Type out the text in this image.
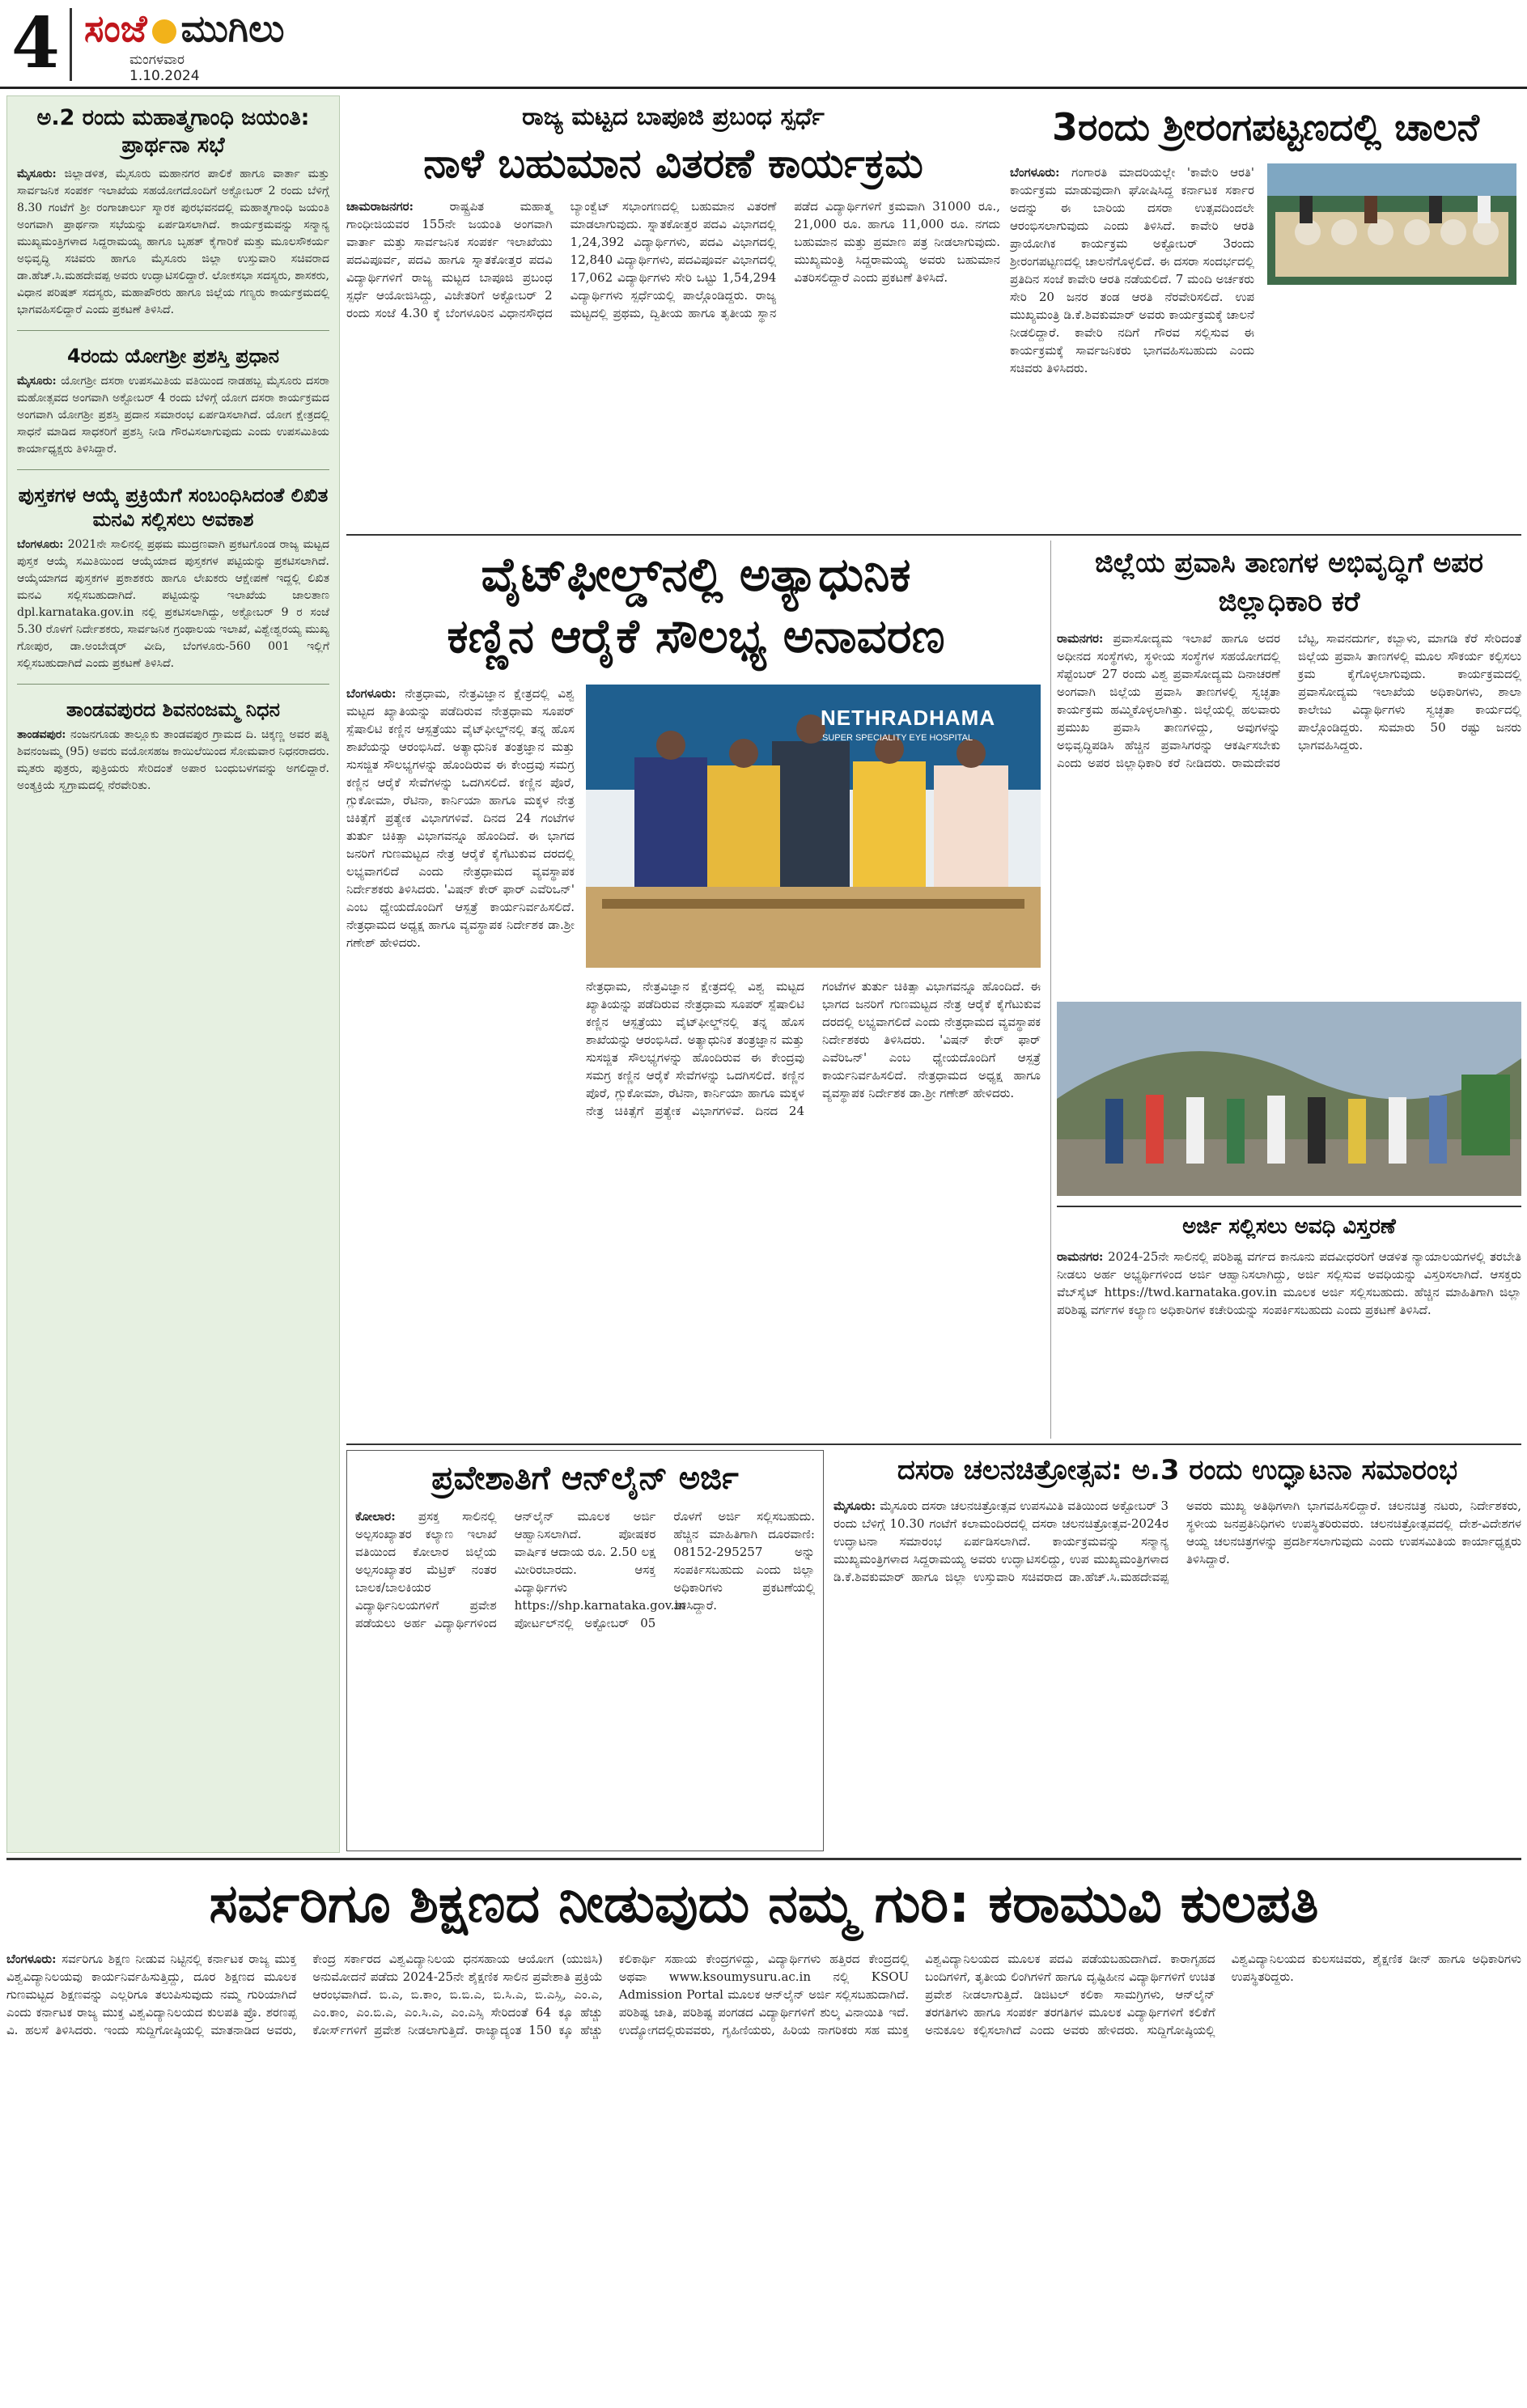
4 ಸಂಜೆ ಮುಗಿಲು
ಮಂಗಳವಾರ
1.10.2024
ಅ.2 ರಂದು ಮಹಾತ್ಮಗಾಂಧಿ ಜಯಂತಿ: ಪ್ರಾರ್ಥನಾ ಸಭೆ

ಮೈಸೂರು: ಜಿಲ್ಲಾಡಳಿತ, ಮೈಸೂರು ಮಹಾನಗರ ಪಾಲಿಕೆ ಹಾಗೂ ವಾರ್ತಾ ಮತ್ತು ಸಾರ್ವಜನಿಕ ಸಂಪರ್ಕ ಇಲಾಖೆಯ ಸಹಯೋಗದೊಂದಿಗೆ ಅಕ್ಟೋಬರ್ 2 ರಂದು ಬೆಳಿಗ್ಗೆ 8.30 ಗಂಟೆಗೆ ಶ್ರೀ ರಂಗಾಚಾರ್ಲು ಸ್ಮಾರಕ ಪುರಭವನದಲ್ಲಿ ಮಹಾತ್ಮಗಾಂಧಿ ಜಯಂತಿ ಅಂಗವಾಗಿ ಪ್ರಾರ್ಥನಾ ಸಭೆಯನ್ನು ಏರ್ಪಡಿಸಲಾಗಿದೆ. ಕಾರ್ಯಕ್ರಮವನ್ನು ಸನ್ಮಾನ್ಯ ಮುಖ್ಯಮಂತ್ರಿಗಳಾದ ಸಿದ್ದರಾಮಯ್ಯ ಹಾಗೂ ಬೃಹತ್ ಕೈಗಾರಿಕೆ ಮತ್ತು ಮೂಲಸೌಕರ್ಯ ಅಭಿವೃದ್ಧಿ ಸಚಿವರು ಹಾಗೂ ಮೈಸೂರು ಜಿಲ್ಲಾ ಉಸ್ತುವಾರಿ ಸಚಿವರಾದ ಡಾ.ಹೆಚ್.ಸಿ.ಮಹದೇವಪ್ಪ ಅವರು ಉದ್ಘಾಟಿಸಲಿದ್ದಾರೆ. ಲೋಕಸಭಾ ಸದಸ್ಯರು, ಶಾಸಕರು, ವಿಧಾನ ಪರಿಷತ್ ಸದಸ್ಯರು, ಮಹಾಪೌರರು ಹಾಗೂ ಜಿಲ್ಲೆಯ ಗಣ್ಯರು ಕಾರ್ಯಕ್ರಮದಲ್ಲಿ ಭಾಗವಹಿಸಲಿದ್ದಾರೆ ಎಂದು ಪ್ರಕಟಣೆ ತಿಳಿಸಿದೆ.

4ರಂದು ಯೋಗಶ್ರೀ ಪ್ರಶಸ್ತಿ ಪ್ರಧಾನ

ಮೈಸೂರು: ಯೋಗಶ್ರೀ ದಸರಾ ಉಪಸಮಿತಿಯ ವತಿಯಿಂದ ನಾಡಹಬ್ಬ ಮೈಸೂರು ದಸರಾ ಮಹೋತ್ಸವದ ಅಂಗವಾಗಿ ಅಕ್ಟೋಬರ್ 4 ರಂದು ಬೆಳಿಗ್ಗೆ ಯೋಗ ದಸರಾ ಕಾರ್ಯಕ್ರಮದ ಅಂಗವಾಗಿ ಯೋಗಶ್ರೀ ಪ್ರಶಸ್ತಿ ಪ್ರದಾನ ಸಮಾರಂಭ ಏರ್ಪಡಿಸಲಾಗಿದೆ. ಯೋಗ ಕ್ಷೇತ್ರದಲ್ಲಿ ಸಾಧನೆ ಮಾಡಿದ ಸಾಧಕರಿಗೆ ಪ್ರಶಸ್ತಿ ನೀಡಿ ಗೌರವಿಸಲಾಗುವುದು ಎಂದು ಉಪಸಮಿತಿಯ ಕಾರ್ಯಾಧ್ಯಕ್ಷರು ತಿಳಿಸಿದ್ದಾರೆ.

ಪುಸ್ತಕಗಳ ಆಯ್ಕೆ ಪ್ರಕ್ರಿಯೆಗೆ ಸಂಬಂಧಿಸಿದಂತೆ ಲಿಖಿತ ಮನವಿ ಸಲ್ಲಿಸಲು ಅವಕಾಶ

ಬೆಂಗಳೂರು: 2021ನೇ ಸಾಲಿನಲ್ಲಿ ಪ್ರಥಮ ಮುದ್ರಣವಾಗಿ ಪ್ರಕಟಗೊಂಡ ರಾಜ್ಯ ಮಟ್ಟದ ಪುಸ್ತಕ ಆಯ್ಕೆ ಸಮಿತಿಯಿಂದ ಆಯ್ಕೆಯಾದ ಪುಸ್ತಕಗಳ ಪಟ್ಟಿಯನ್ನು ಪ್ರಕಟಿಸಲಾಗಿದೆ. ಆಯ್ಕೆಯಾಗದ ಪುಸ್ತಕಗಳ ಪ್ರಕಾಶಕರು ಹಾಗೂ ಲೇಖಕರು ಆಕ್ಷೇಪಣೆ ಇದ್ದಲ್ಲಿ ಲಿಖಿತ ಮನವಿ ಸಲ್ಲಿಸಬಹುದಾಗಿದೆ. ಪಟ್ಟಿಯನ್ನು ಇಲಾಖೆಯ ಜಾಲತಾಣ dpl.karnataka.gov.in ನಲ್ಲಿ ಪ್ರಕಟಿಸಲಾಗಿದ್ದು, ಅಕ್ಟೋಬರ್ 9 ರ ಸಂಜೆ 5.30 ರೊಳಗೆ ನಿರ್ದೇಶಕರು, ಸಾರ್ವಜನಿಕ ಗ್ರಂಥಾಲಯ ಇಲಾಖೆ, ವಿಶ್ವೇಶ್ವರಯ್ಯ ಮುಖ್ಯ ಗೋಪುರ, ಡಾ.ಅಂಬೇಡ್ಕರ್ ವೀದಿ, ಬೆಂಗಳೂರು-560 001 ಇಲ್ಲಿಗೆ ಸಲ್ಲಿಸಬಹುದಾಗಿದೆ ಎಂದು ಪ್ರಕಟಣೆ ತಿಳಿಸಿದೆ.

ತಾಂಡವಪುರದ ಶಿವನಂಜಮ್ಮ ನಿಧನ

ತಾಂಡವಪುರ: ನಂಜನಗೂಡು ತಾಲ್ಲೂಕು ತಾಂಡವಪುರ ಗ್ರಾಮದ ದಿ. ಚಿಕ್ಕಣ್ಣ ಅವರ ಪತ್ನಿ ಶಿವನಂಜಮ್ಮ (95) ಅವರು ವಯೋಸಹಜ ಕಾಯಿಲೆಯಿಂದ ಸೋಮವಾರ ನಿಧನರಾದರು. ಮೃತರು ಪುತ್ರರು, ಪುತ್ರಿಯರು ಸೇರಿದಂತೆ ಅಪಾರ ಬಂಧುಬಳಗವನ್ನು ಅಗಲಿದ್ದಾರೆ. ಅಂತ್ಯಕ್ರಿಯೆ ಸ್ವಗ್ರಾಮದಲ್ಲಿ ನೆರವೇರಿತು.

ರಾಜ್ಯ ಮಟ್ಟದ ಬಾಪೂಜಿ ಪ್ರಬಂಧ ಸ್ಪರ್ಧೆ
ನಾಳೆ ಬಹುಮಾನ ವಿತರಣೆ ಕಾರ್ಯಕ್ರಮ
ಚಾಮರಾಜನಗರ:	ರಾಷ್ಟ್ರಪಿತ ಮಹಾತ್ಮ ಗಾಂಧೀಜಿಯವರ 155ನೇ ಜಯಂತಿ ಅಂಗವಾಗಿ ವಾರ್ತಾ ಮತ್ತು ಸಾರ್ವಜನಿಕ ಸಂಪರ್ಕ ಇಲಾಖೆಯು ಪದವಿಪೂರ್ವ, ಪದವಿ ಹಾಗೂ ಸ್ನಾತಕೋತ್ತರ ಪದವಿ ವಿದ್ಯಾರ್ಥಿಗಳಿಗೆ ರಾಜ್ಯ ಮಟ್ಟದ ಬಾಪೂಜಿ ಪ್ರಬಂಧ ಸ್ಪರ್ಧೆ ಆಯೋಜಿಸಿದ್ದು, ವಿಜೇತರಿಗೆ ಅಕ್ಟೋಬರ್ 2 ರಂದು ಸಂಜೆ 4.30 ಕ್ಕೆ ಬೆಂಗಳೂರಿನ ವಿಧಾನಸೌಧದ ಬ್ಯಾಂಕ್ವೆಟ್ ಸಭಾಂಗಣದಲ್ಲಿ ಬಹುಮಾನ ವಿತರಣೆ ಮಾಡಲಾಗುವುದು. ಸ್ನಾತಕೋತ್ತರ ಪದವಿ ವಿಭಾಗದಲ್ಲಿ 1,24,392 ವಿದ್ಯಾರ್ಥಿಗಳು, ಪದವಿ ವಿಭಾಗದಲ್ಲಿ 12,840 ವಿದ್ಯಾರ್ಥಿಗಳು, ಪದವಿಪೂರ್ವ ವಿಭಾಗದಲ್ಲಿ 17,062 ವಿದ್ಯಾರ್ಥಿಗಳು ಸೇರಿ ಒಟ್ಟು 1,54,294 ವಿದ್ಯಾರ್ಥಿಗಳು ಸ್ಪರ್ಧೆಯಲ್ಲಿ ಪಾಲ್ಗೊಂಡಿದ್ದರು. ರಾಜ್ಯ ಮಟ್ಟದಲ್ಲಿ ಪ್ರಥಮ, ದ್ವಿತೀಯ ಹಾಗೂ ತೃತೀಯ ಸ್ಥಾನ ಪಡೆದ ವಿದ್ಯಾರ್ಥಿಗಳಿಗೆ ಕ್ರಮವಾಗಿ 31000 ರೂ., 21,000 ರೂ. ಹಾಗೂ 11,000 ರೂ. ನಗದು ಬಹುಮಾನ ಮತ್ತು ಪ್ರಮಾಣ ಪತ್ರ ನೀಡಲಾಗುವುದು. ಮುಖ್ಯಮಂತ್ರಿ ಸಿದ್ದರಾಮಯ್ಯ ಅವರು ಬಹುಮಾನ ವಿತರಿಸಲಿದ್ದಾರೆ ಎಂದು ಪ್ರಕಟಣೆ ತಿಳಿಸಿದೆ.
3ರಂದು ಶ್ರೀರಂಗಪಟ್ಟಣದಲ್ಲಿ ಚಾಲನೆ
ಬೆಂಗಳೂರು: ಗಂಗಾರತಿ ಮಾದರಿಯಲ್ಲೇ 'ಕಾವೇರಿ ಆರತಿ' ಕಾರ್ಯಕ್ರಮ ಮಾಡುವುದಾಗಿ ಘೋಷಿಸಿದ್ದ ಕರ್ನಾಟಕ ಸರ್ಕಾರ ಅದನ್ನು ಈ ಬಾರಿಯ ದಸರಾ ಉತ್ಸವದಿಂದಲೇ ಆರಂಭಿಸಲಾಗುವುದು ಎಂದು ತಿಳಿಸಿದೆ. ಕಾವೇರಿ ಆರತಿ ಪ್ರಾಯೋಗಿಕ ಕಾರ್ಯಕ್ರಮ ಅಕ್ಟೋಬರ್ 3ರಂದು ಶ್ರೀರಂಗಪಟ್ಟಣದಲ್ಲಿ ಚಾಲನೆಗೊಳ್ಳಲಿದೆ. ಈ ದಸರಾ ಸಂದರ್ಭದಲ್ಲಿ ಪ್ರತಿದಿನ ಸಂಜೆ ಕಾವೇರಿ ಆರತಿ ನಡೆಯಲಿದೆ. 7 ಮಂದಿ ಅರ್ಚಕರು ಸೇರಿ 20 ಜನರ ತಂಡ ಆರತಿ ನೆರವೇರಿಸಲಿದೆ. ಉಪ ಮುಖ್ಯಮಂತ್ರಿ ಡಿ.ಕೆ.ಶಿವಕುಮಾರ್ ಅವರು ಕಾರ್ಯಕ್ರಮಕ್ಕೆ ಚಾಲನೆ ನೀಡಲಿದ್ದಾರೆ. ಕಾವೇರಿ ನದಿಗೆ ಗೌರವ ಸಲ್ಲಿಸುವ ಈ ಕಾರ್ಯಕ್ರಮಕ್ಕೆ ಸಾರ್ವಜನಿಕರು ಭಾಗವಹಿಸಬಹುದು ಎಂದು ಸಚಿವರು ತಿಳಿಸಿದರು.
ವೈಟ್‌ಫೀಲ್ಡ್‌ನಲ್ಲಿ ಅತ್ಯಾಧುನಿಕ
ಕಣ್ಣಿನ ಆರೈಕೆ ಸೌಲಭ್ಯ ಅನಾವರಣ
ಬೆಂಗಳೂರು: ನೇತ್ರಧಾಮ, ನೇತ್ರವಿಜ್ಞಾನ ಕ್ಷೇತ್ರದಲ್ಲಿ ವಿಶ್ವ ಮಟ್ಟದ ಖ್ಯಾತಿಯನ್ನು ಪಡೆದಿರುವ ನೇತ್ರಧಾಮ ಸೂಪರ್ ಸ್ಪೆಷಾಲಿಟಿ ಕಣ್ಣಿನ ಆಸ್ಪತ್ರೆಯು ವೈಟ್‌ಫೀಲ್ಡ್‌ನಲ್ಲಿ ತನ್ನ ಹೊಸ ಶಾಖೆಯನ್ನು ಆರಂಭಿಸಿದೆ. ಅತ್ಯಾಧುನಿಕ ತಂತ್ರಜ್ಞಾನ ಮತ್ತು ಸುಸಜ್ಜಿತ ಸೌಲಭ್ಯಗಳನ್ನು ಹೊಂದಿರುವ ಈ ಕೇಂದ್ರವು ಸಮಗ್ರ ಕಣ್ಣಿನ ಆರೈಕೆ ಸೇವೆಗಳನ್ನು ಒದಗಿಸಲಿದೆ. ಕಣ್ಣಿನ ಪೊರೆ, ಗ್ಲುಕೋಮಾ, ರೆಟಿನಾ, ಕಾರ್ನಿಯಾ ಹಾಗೂ ಮಕ್ಕಳ ನೇತ್ರ ಚಿಕಿತ್ಸೆಗೆ ಪ್ರತ್ಯೇಕ ವಿಭಾಗಗಳಿವೆ. ದಿನದ 24 ಗಂಟೆಗಳ ತುರ್ತು ಚಿಕಿತ್ಸಾ ವಿಭಾಗವನ್ನೂ ಹೊಂದಿದೆ. ಈ ಭಾಗದ ಜನರಿಗೆ ಗುಣಮಟ್ಟದ ನೇತ್ರ ಆರೈಕೆ ಕೈಗೆಟುಕುವ ದರದಲ್ಲಿ ಲಭ್ಯವಾಗಲಿದೆ ಎಂದು ನೇತ್ರಧಾಮದ ವ್ಯವಸ್ಥಾಪಕ ನಿರ್ದೇಶಕರು ತಿಳಿಸಿದರು. 'ವಿಷನ್ ಕೇರ್ ಫಾರ್ ಎವೆರಿಒನ್' ಎಂಬ ಧ್ಯೇಯದೊಂದಿಗೆ ಆಸ್ಪತ್ರೆ ಕಾರ್ಯನಿರ್ವಹಿಸಲಿದೆ. ನೇತ್ರಧಾಮದ ಅಧ್ಯಕ್ಷ ಹಾಗೂ ವ್ಯವಸ್ಥಾಪಕ ನಿರ್ದೇಶಕ ಡಾ.ಶ್ರೀ ಗಣೇಶ್ ಹೇಳಿದರು.
NETHRADHAMA
SUPER SPECIALITY EYE HOSPITAL
ನೇತ್ರಧಾಮ, ನೇತ್ರವಿಜ್ಞಾನ ಕ್ಷೇತ್ರದಲ್ಲಿ ವಿಶ್ವ ಮಟ್ಟದ ಖ್ಯಾತಿಯನ್ನು ಪಡೆದಿರುವ ನೇತ್ರಧಾಮ ಸೂಪರ್ ಸ್ಪೆಷಾಲಿಟಿ ಕಣ್ಣಿನ ಆಸ್ಪತ್ರೆಯು ವೈಟ್‌ಫೀಲ್ಡ್‌ನಲ್ಲಿ ತನ್ನ ಹೊಸ ಶಾಖೆಯನ್ನು ಆರಂಭಿಸಿದೆ. ಅತ್ಯಾಧುನಿಕ ತಂತ್ರಜ್ಞಾನ ಮತ್ತು ಸುಸಜ್ಜಿತ ಸೌಲಭ್ಯಗಳನ್ನು ಹೊಂದಿರುವ ಈ ಕೇಂದ್ರವು ಸಮಗ್ರ ಕಣ್ಣಿನ ಆರೈಕೆ ಸೇವೆಗಳನ್ನು ಒದಗಿಸಲಿದೆ. ಕಣ್ಣಿನ ಪೊರೆ, ಗ್ಲುಕೋಮಾ, ರೆಟಿನಾ, ಕಾರ್ನಿಯಾ ಹಾಗೂ ಮಕ್ಕಳ ನೇತ್ರ ಚಿಕಿತ್ಸೆಗೆ ಪ್ರತ್ಯೇಕ ವಿಭಾಗಗಳಿವೆ. ದಿನದ 24 ಗಂಟೆಗಳ ತುರ್ತು ಚಿಕಿತ್ಸಾ ವಿಭಾಗವನ್ನೂ ಹೊಂದಿದೆ. ಈ ಭಾಗದ ಜನರಿಗೆ ಗುಣಮಟ್ಟದ ನೇತ್ರ ಆರೈಕೆ ಕೈಗೆಟುಕುವ ದರದಲ್ಲಿ ಲಭ್ಯವಾಗಲಿದೆ ಎಂದು ನೇತ್ರಧಾಮದ ವ್ಯವಸ್ಥಾಪಕ ನಿರ್ದೇಶಕರು ತಿಳಿಸಿದರು. 'ವಿಷನ್ ಕೇರ್ ಫಾರ್ ಎವೆರಿಒನ್' ಎಂಬ ಧ್ಯೇಯದೊಂದಿಗೆ ಆಸ್ಪತ್ರೆ ಕಾರ್ಯನಿರ್ವಹಿಸಲಿದೆ. ನೇತ್ರಧಾಮದ ಅಧ್ಯಕ್ಷ ಹಾಗೂ ವ್ಯವಸ್ಥಾಪಕ ನಿರ್ದೇಶಕ ಡಾ.ಶ್ರೀ ಗಣೇಶ್ ಹೇಳಿದರು.
ಜಿಲ್ಲೆಯ ಪ್ರವಾಸಿ ತಾಣಗಳ ಅಭಿವೃದ್ಧಿಗೆ ಅಪರ ಜಿಲ್ಲಾಧಿಕಾರಿ ಕರೆ
ರಾಮನಗರ: ಪ್ರವಾಸೋದ್ಯಮ ಇಲಾಖೆ ಹಾಗೂ ಅದರ ಅಧೀನದ ಸಂಸ್ಥೆಗಳು, ಸ್ಥಳೀಯ ಸಂಸ್ಥೆಗಳ ಸಹಯೋಗದಲ್ಲಿ ಸೆಪ್ಟೆಂಬರ್ 27 ರಂದು ವಿಶ್ವ ಪ್ರವಾಸೋದ್ಯಮ ದಿನಾಚರಣೆ ಅಂಗವಾಗಿ ಜಿಲ್ಲೆಯ ಪ್ರವಾಸಿ ತಾಣಗಳಲ್ಲಿ ಸ್ವಚ್ಛತಾ ಕಾರ್ಯಕ್ರಮ ಹಮ್ಮಿಕೊಳ್ಳಲಾಗಿತ್ತು. ಜಿಲ್ಲೆಯಲ್ಲಿ ಹಲವಾರು ಪ್ರಮುಖ ಪ್ರವಾಸಿ ತಾಣಗಳಿದ್ದು, ಅವುಗಳನ್ನು ಅಭಿವೃದ್ಧಿಪಡಿಸಿ ಹೆಚ್ಚಿನ ಪ್ರವಾಸಿಗರನ್ನು ಆಕರ್ಷಿಸಬೇಕು ಎಂದು ಅಪರ ಜಿಲ್ಲಾಧಿಕಾರಿ ಕರೆ ನೀಡಿದರು. ರಾಮದೇವರ ಬೆಟ್ಟ, ಸಾವನದುರ್ಗ, ಕಬ್ಬಾಳು, ಮಾಗಡಿ ಕೆರೆ ಸೇರಿದಂತೆ ಜಿಲ್ಲೆಯ ಪ್ರವಾಸಿ ತಾಣಗಳಲ್ಲಿ ಮೂಲ ಸೌಕರ್ಯ ಕಲ್ಪಿಸಲು ಕ್ರಮ ಕೈಗೊಳ್ಳಲಾಗುವುದು. ಕಾರ್ಯಕ್ರಮದಲ್ಲಿ ಪ್ರವಾಸೋದ್ಯಮ ಇಲಾಖೆಯ ಅಧಿಕಾರಿಗಳು, ಶಾಲಾ ಕಾಲೇಜು ವಿದ್ಯಾರ್ಥಿಗಳು ಸ್ವಚ್ಛತಾ ಕಾರ್ಯದಲ್ಲಿ ಪಾಲ್ಗೊಂಡಿದ್ದರು. ಸುಮಾರು 50 ರಷ್ಟು ಜನರು ಭಾಗವಹಿಸಿದ್ದರು.
ಅರ್ಜಿ ಸಲ್ಲಿಸಲು ಅವಧಿ ವಿಸ್ತರಣೆ
ರಾಮನಗರ: 2024-25ನೇ ಸಾಲಿನಲ್ಲಿ ಪರಿಶಿಷ್ಟ ವರ್ಗದ ಕಾನೂನು ಪದವೀಧರರಿಗೆ ಆಡಳಿತ ನ್ಯಾಯಾಲಯಗಳಲ್ಲಿ ತರಬೇತಿ ನೀಡಲು ಅರ್ಹ ಅಭ್ಯರ್ಥಿಗಳಿಂದ ಅರ್ಜಿ ಆಹ್ವಾನಿಸಲಾಗಿದ್ದು, ಅರ್ಜಿ ಸಲ್ಲಿಸುವ ಅವಧಿಯನ್ನು ವಿಸ್ತರಿಸಲಾಗಿದೆ. ಆಸಕ್ತರು ವೆಬ್‌ಸೈಟ್ https://twd.karnataka.gov.in ಮೂಲಕ ಅರ್ಜಿ ಸಲ್ಲಿಸಬಹುದು. ಹೆಚ್ಚಿನ ಮಾಹಿತಿಗಾಗಿ ಜಿಲ್ಲಾ ಪರಿಶಿಷ್ಟ ವರ್ಗಗಳ ಕಲ್ಯಾಣ ಅಧಿಕಾರಿಗಳ ಕಚೇರಿಯನ್ನು ಸಂಪರ್ಕಿಸಬಹುದು ಎಂದು ಪ್ರಕಟಣೆ ತಿಳಿಸಿದೆ.
ಪ್ರವೇಶಾತಿಗೆ ಆನ್‌ಲೈನ್ ಅರ್ಜಿ
ಕೋಲಾರ: ಪ್ರಸಕ್ತ ಸಾಲಿನಲ್ಲಿ ಅಲ್ಪಸಂಖ್ಯಾತರ ಕಲ್ಯಾಣ ಇಲಾಖೆ ವತಿಯಿಂದ ಕೋಲಾರ ಜಿಲ್ಲೆಯ ಅಲ್ಪಸಂಖ್ಯಾತರ ಮೆಟ್ರಿಕ್ ನಂತರ ಬಾಲಕ/ಬಾಲಕಿಯರ ವಿದ್ಯಾರ್ಥಿನಿಲಯಗಳಿಗೆ ಪ್ರವೇಶ ಪಡೆಯಲು ಅರ್ಹ ವಿದ್ಯಾರ್ಥಿಗಳಿಂದ ಆನ್‌ಲೈನ್ ಮೂಲಕ ಅರ್ಜಿ ಆಹ್ವಾನಿಸಲಾಗಿದೆ. ಪೋಷಕರ ವಾರ್ಷಿಕ ಆದಾಯ ರೂ. 2.50 ಲಕ್ಷ ಮೀರಿರಬಾರದು. ಆಸಕ್ತ ವಿದ್ಯಾರ್ಥಿಗಳು https://shp.karnataka.gov.in ಪೋರ್ಟಲ್‌ನಲ್ಲಿ ಅಕ್ಟೋಬರ್ 05 ರೊಳಗೆ ಅರ್ಜಿ ಸಲ್ಲಿಸಬಹುದು. ಹೆಚ್ಚಿನ ಮಾಹಿತಿಗಾಗಿ ದೂರವಾಣಿ: 08152-295257 ಅನ್ನು ಸಂಪರ್ಕಿಸಬಹುದು ಎಂದು ಜಿಲ್ಲಾ ಅಧಿಕಾರಿಗಳು ಪ್ರಕಟಣೆಯಲ್ಲಿ ತಿಳಿಸಿದ್ದಾರೆ.
ದಸರಾ ಚಲನಚಿತ್ರೋತ್ಸವ: ಅ.3 ರಂದು ಉದ್ಘಾಟನಾ ಸಮಾರಂಭ
ಮೈಸೂರು: ಮೈಸೂರು ದಸರಾ ಚಲನಚಿತ್ರೋತ್ಸವ ಉಪಸಮಿತಿ ವತಿಯಿಂದ ಅಕ್ಟೋಬರ್ 3 ರಂದು ಬೆಳಿಗ್ಗೆ 10.30 ಗಂಟೆಗೆ ಕಲಾಮಂದಿರದಲ್ಲಿ ದಸರಾ ಚಲನಚಿತ್ರೋತ್ಸವ-2024ರ ಉದ್ಘಾಟನಾ ಸಮಾರಂಭ ಏರ್ಪಡಿಸಲಾಗಿದೆ. ಕಾರ್ಯಕ್ರಮವನ್ನು ಸನ್ಮಾನ್ಯ ಮುಖ್ಯಮಂತ್ರಿಗಳಾದ ಸಿದ್ದರಾಮಯ್ಯ ಅವರು ಉದ್ಘಾಟಿಸಲಿದ್ದು, ಉಪ ಮುಖ್ಯಮಂತ್ರಿಗಳಾದ ಡಿ.ಕೆ.ಶಿವಕುಮಾರ್ ಹಾಗೂ ಜಿಲ್ಲಾ ಉಸ್ತುವಾರಿ ಸಚಿವರಾದ ಡಾ.ಹೆಚ್.ಸಿ.ಮಹದೇವಪ್ಪ ಅವರು ಮುಖ್ಯ ಅತಿಥಿಗಳಾಗಿ ಭಾಗವಹಿಸಲಿದ್ದಾರೆ. ಚಲನಚಿತ್ರ ನಟರು, ನಿರ್ದೇಶಕರು, ಸ್ಥಳೀಯ ಜನಪ್ರತಿನಿಧಿಗಳು ಉಪಸ್ಥಿತರಿರುವರು. ಚಲನಚಿತ್ರೋತ್ಸವದಲ್ಲಿ ದೇಶ-ವಿದೇಶಗಳ ಆಯ್ದ ಚಲನಚಿತ್ರಗಳನ್ನು ಪ್ರದರ್ಶಿಸಲಾಗುವುದು ಎಂದು ಉಪಸಮಿತಿಯ ಕಾರ್ಯಾಧ್ಯಕ್ಷರು ತಿಳಿಸಿದ್ದಾರೆ.
ಸರ್ವರಿಗೂ ಶಿಕ್ಷಣದ ನೀಡುವುದು ನಮ್ಮ ಗುರಿ: ಕರಾಮುವಿ ಕುಲಪತಿ
ಬೆಂಗಳೂರು: ಸರ್ವರಿಗೂ ಶಿಕ್ಷಣ ನೀಡುವ ನಿಟ್ಟಿನಲ್ಲಿ ಕರ್ನಾಟಕ ರಾಜ್ಯ ಮುಕ್ತ ವಿಶ್ವವಿದ್ಯಾನಿಲಯವು ಕಾರ್ಯನಿರ್ವಹಿಸುತ್ತಿದ್ದು, ದೂರ ಶಿಕ್ಷಣದ ಮೂಲಕ ಗುಣಮಟ್ಟದ ಶಿಕ್ಷಣವನ್ನು ಎಲ್ಲರಿಗೂ ತಲುಪಿಸುವುದು ನಮ್ಮ ಗುರಿಯಾಗಿದೆ ಎಂದು ಕರ್ನಾಟಕ ರಾಜ್ಯ ಮುಕ್ತ ವಿಶ್ವವಿದ್ಯಾನಿಲಯದ ಕುಲಪತಿ ಪ್ರೊ. ಶರಣಪ್ಪ ವಿ. ಹಲಸೆ ತಿಳಿಸಿದರು. ಇಂದು ಸುದ್ದಿಗೋಷ್ಠಿಯಲ್ಲಿ ಮಾತನಾಡಿದ ಅವರು, ಕೇಂದ್ರ ಸರ್ಕಾರದ ವಿಶ್ವವಿದ್ಯಾನಿಲಯ ಧನಸಹಾಯ ಆಯೋಗ (ಯುಜಿಸಿ) ಅನುಮೋದನೆ ಪಡೆದು 2024-25ನೇ ಶೈಕ್ಷಣಿಕ ಸಾಲಿನ ಪ್ರವೇಶಾತಿ ಪ್ರಕ್ರಿಯೆ ಆರಂಭವಾಗಿದೆ. ಬಿ.ಎ, ಬಿ.ಕಾಂ, ಬಿ.ಬಿ.ಎ, ಬಿ.ಸಿ.ಎ, ಬಿ.ಎಸ್ಸಿ, ಎಂ.ಎ, ಎಂ.ಕಾಂ, ಎಂ.ಬಿ.ಎ, ಎಂ.ಸಿ.ಎ, ಎಂ.ಎಸ್ಸಿ ಸೇರಿದಂತೆ 64 ಕ್ಕೂ ಹೆಚ್ಚು ಕೋರ್ಸ್‌ಗಳಿಗೆ ಪ್ರವೇಶ ನೀಡಲಾಗುತ್ತಿದೆ. ರಾಜ್ಯಾದ್ಯಂತ 150 ಕ್ಕೂ ಹೆಚ್ಚು ಕಲಿಕಾರ್ಥಿ ಸಹಾಯ ಕೇಂದ್ರಗಳಿದ್ದು, ವಿದ್ಯಾರ್ಥಿಗಳು ಹತ್ತಿರದ ಕೇಂದ್ರದಲ್ಲಿ ಅಥವಾ www.ksoumysuru.ac.in ನಲ್ಲಿ KSOU Admission Portal ಮೂಲಕ ಆನ್‌ಲೈನ್ ಅರ್ಜಿ ಸಲ್ಲಿಸಬಹುದಾಗಿದೆ. ಪರಿಶಿಷ್ಟ ಜಾತಿ, ಪರಿಶಿಷ್ಟ ಪಂಗಡದ ವಿದ್ಯಾರ್ಥಿಗಳಿಗೆ ಶುಲ್ಕ ವಿನಾಯಿತಿ ಇದೆ. ಉದ್ಯೋಗದಲ್ಲಿರುವವರು, ಗೃಹಿಣಿಯರು, ಹಿರಿಯ ನಾಗರಿಕರು ಸಹ ಮುಕ್ತ ವಿಶ್ವವಿದ್ಯಾನಿಲಯದ ಮೂಲಕ ಪದವಿ ಪಡೆಯಬಹುದಾಗಿದೆ. ಕಾರಾಗೃಹದ ಬಂದಿಗಳಿಗೆ, ತೃತೀಯ ಲಿಂಗಿಗಳಿಗೆ ಹಾಗೂ ದೃಷ್ಟಿಹೀನ ವಿದ್ಯಾರ್ಥಿಗಳಿಗೆ ಉಚಿತ ಪ್ರವೇಶ ನೀಡಲಾಗುತ್ತಿದೆ. ಡಿಜಿಟಲ್ ಕಲಿಕಾ ಸಾಮಗ್ರಿಗಳು, ಆನ್‌ಲೈನ್ ತರಗತಿಗಳು ಹಾಗೂ ಸಂಪರ್ಕ ತರಗತಿಗಳ ಮೂಲಕ ವಿದ್ಯಾರ್ಥಿಗಳಿಗೆ ಕಲಿಕೆಗೆ ಅನುಕೂಲ ಕಲ್ಪಿಸಲಾಗಿದೆ ಎಂದು ಅವರು ಹೇಳಿದರು. ಸುದ್ದಿಗೋಷ್ಠಿಯಲ್ಲಿ ವಿಶ್ವವಿದ್ಯಾನಿಲಯದ ಕುಲಸಚಿವರು, ಶೈಕ್ಷಣಿಕ ಡೀನ್ ಹಾಗೂ ಅಧಿಕಾರಿಗಳು ಉಪಸ್ಥಿತರಿದ್ದರು.
